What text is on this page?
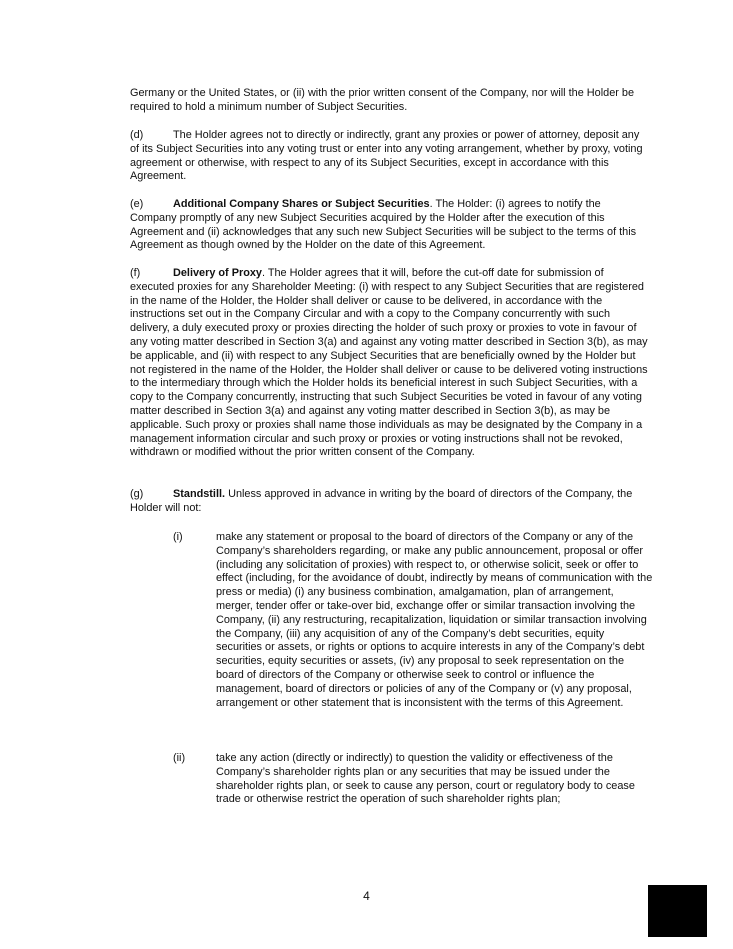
Germany or the United States, or (ii) with the prior written consent of the Company, nor will the Holder be required to hold a minimum number of Subject Securities.

(d)	The Holder agrees not to directly or indirectly, grant any proxies or power of attorney, deposit any of its Subject Securities into any voting trust or enter into any voting arrangement, whether by proxy, voting agreement or otherwise, with respect to any of its Subject Securities, except in accordance with this Agreement.

(e)	Additional Company Shares or Subject Securities. The Holder: (i) agrees to notify the Company promptly of any new Subject Securities acquired by the Holder after the execution of this Agreement and (ii) acknowledges that any such new Subject Securities will be subject to the terms of this Agreement as though owned by the Holder on the date of this Agreement.

(f)	Delivery of Proxy. The Holder agrees that it will, before the cut-off date for submission of executed proxies for any Shareholder Meeting: (i) with respect to any Subject Securities that are registered in the name of the Holder, the Holder shall deliver or cause to be delivered, in accordance with the instructions set out in the Company Circular and with a copy to the Company concurrently with such delivery, a duly executed proxy or proxies directing the holder of such proxy or proxies to vote in favour of any voting matter described in Section 3(a) and against any voting matter described in Section 3(b), as may be applicable, and (ii) with respect to any Subject Securities that are beneficially owned by the Holder but not registered in the name of the Holder, the Holder shall deliver or cause to be delivered voting instructions to the intermediary through which the Holder holds its beneficial interest in such Subject Securities, with a copy to the Company concurrently, instructing that such Subject Securities be voted in favour of any voting matter described in Section 3(a) and against any voting matter described in Section 3(b), as may be applicable. Such proxy or proxies shall name those individuals as may be designated by the Company in a management information circular and such proxy or proxies or voting instructions shall not be revoked, withdrawn or modified without the prior written consent of the Company.

(g)	Standstill. Unless approved in advance in writing by the board of directors of the Company, the Holder will not:

(i)	make any statement or proposal to the board of directors of the Company or any of the Company’s shareholders regarding, or make any public announcement, proposal or offer (including any solicitation of proxies) with respect to, or otherwise solicit, seek or offer to effect (including, for the avoidance of doubt, indirectly by means of communication with the press or media) (i) any business combination, amalgamation, plan of arrangement, merger, tender offer or take-over bid, exchange offer or similar transaction involving the Company, (ii) any restructuring, recapitalization, liquidation or similar transaction involving the Company, (iii) any acquisition of any of the Company’s debt securities, equity securities or assets, or rights or options to acquire interests in any of the Company’s debt securities, equity securities or assets, (iv) any proposal to seek representation on the board of directors of the Company or otherwise seek to control or influence the management, board of directors or policies of any of the Company or (v) any proposal, arrangement or other statement that is inconsistent with the terms of this Agreement.
(ii)	take any action (directly or indirectly) to question the validity or effectiveness of the Company’s shareholder rights plan or any securities that may be issued under the shareholder rights plan, or seek to cause any person, court or regulatory body to cease trade or otherwise restrict the operation of such shareholder rights plan;
4
